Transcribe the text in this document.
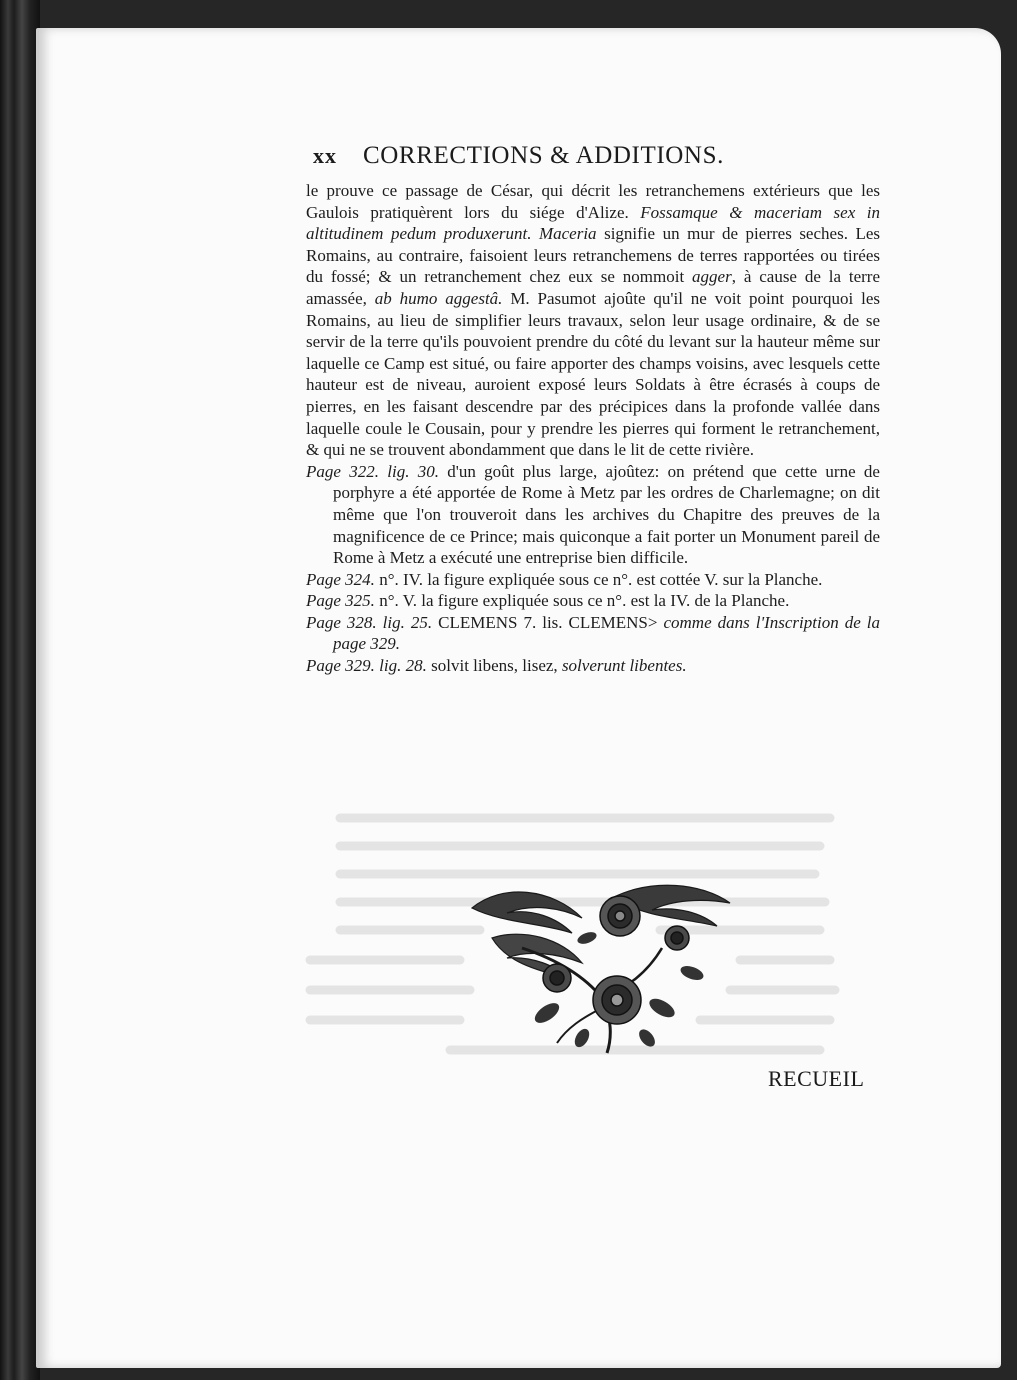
xx CORRECTIONS & ADDITIONS.

le prouve ce passage de César, qui décrit les retranchemens extérieurs que les Gaulois pratiquèrent lors du siége d'Alize. Fossamque & maceriam sex in altitudinem pedum produxerunt. Maceria signifie un mur de pierres seches. Les Romains, au contraire, faisoient leurs retranchemens de terres rapportées ou tirées du fossé; & un retranchement chez eux se nommoit agger, à cause de la terre amassée, ab humo aggestâ. M. Pasumot ajoûte qu'il ne voit point pourquoi les Romains, au lieu de simplifier leurs travaux, selon leur usage ordinaire, & de se servir de la terre qu'ils pouvoient prendre du côté du levant sur la hauteur même sur laquelle ce Camp est situé, ou faire apporter des champs voisins, avec lesquels cette hauteur est de niveau, auroient exposé leurs Soldats à être écrasés à coups de pierres, en les faisant descendre par des précipices dans la profonde vallée dans laquelle coule le Cousain, pour y prendre les pierres qui forment le retranchement, & qui ne se trouvent abondamment que dans le lit de cette rivière.

Page 322. lig. 30. d'un goût plus large, ajoûtez: on prétend que cette urne de porphyre a été apportée de Rome à Metz par les ordres de Charlemagne; on dit même que l'on trouveroit dans les archives du Chapitre des preuves de la magnificence de ce Prince; mais quiconque a fait porter un Monument pareil de Rome à Metz a exécuté une entreprise bien difficile.

Page 324. n°. IV. la figure expliquée sous ce n°. est cottée V. sur la Planche.

Page 325. n°. V. la figure expliquée sous ce n°. est la IV. de la Planche.

Page 328. lig. 25. CLEMENS 7. lis. CLEMENS> comme dans l'Inscription de la page 329.

Page 329. lig. 28. solvit libens, lisez, solverunt libentes.

RECUEIL
